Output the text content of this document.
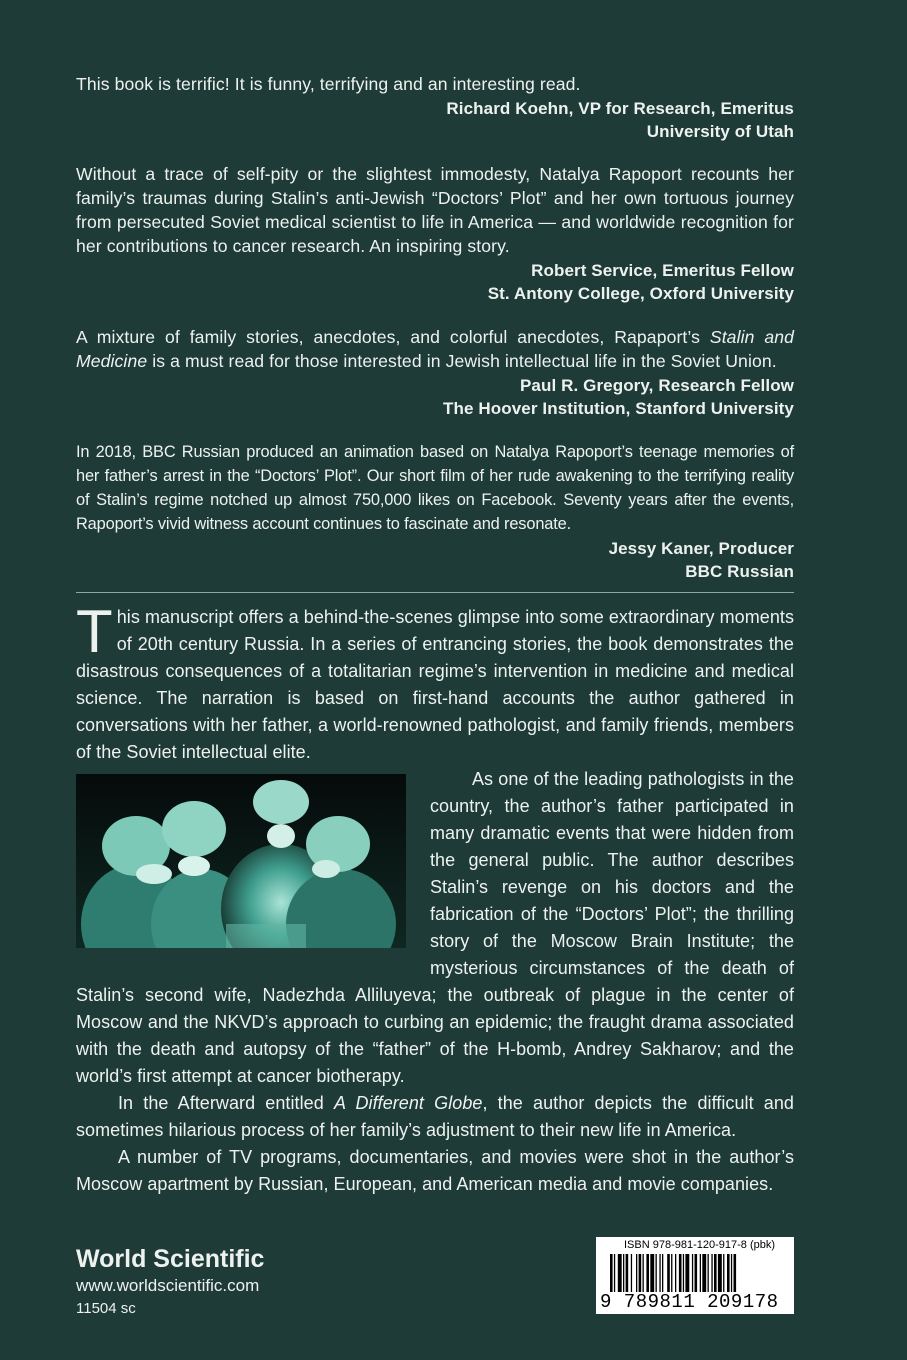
This book is terrific! It is funny, terrifying and an interesting read.

Richard Koehn, VP for Research, Emeritus
University of Utah

Without a trace of self-pity or the slightest immodesty, Natalya Rapoport recounts her family’s traumas during Stalin’s anti-Jewish “Doctors’ Plot” and her own tortuous journey from persecuted Soviet medical scientist to life in America — and worldwide recognition for her contributions to cancer research. An inspiring story.

Robert Service, Emeritus Fellow
St. Antony College, Oxford University

A mixture of family stories, anecdotes, and colorful anecdotes, Rapaport’s Stalin and Medicine is a must read for those interested in Jewish intellectual life in the Soviet Union.

Paul R. Gregory, Research Fellow
The Hoover Institution, Stanford University

In 2018, BBC Russian produced an animation based on Natalya Rapoport’s teenage memories of her father’s arrest in the “Doctors’ Plot”. Our short film of her rude awakening to the terrifying reality of Stalin’s regime notched up almost 750,000 likes on Facebook. Seventy years after the events, Rapoport’s vivid witness account continues to fascinate and resonate.

Jessy Kaner, Producer
BBC Russian

This manuscript offers a behind-the-scenes glimpse into some extraordinary moments of 20th century Russia. In a series of entrancing stories, the book demonstrates the disastrous consequences of a totalitarian regime’s intervention in medicine and medical science. The narration is based on first-hand accounts the author gathered in conversations with her father, a world-renowned pathologist, and family friends, members of the Soviet intellectual elite.

As one of the leading pathologists in the country, the author’s father participated in many dramatic events that were hidden from the general public. The author describes Stalin’s revenge on his doctors and the fabrication of the “Doctors’ Plot”; the thrilling story of the Moscow Brain Institute; the mysterious circumstances of the death of Stalin’s second wife, Nadezhda Alliluyeva; the outbreak of plague in the center of Moscow and the NKVD’s approach to curbing an epidemic; the fraught drama associated with the death and autopsy of the “father” of the H-bomb, Andrey Sakharov; and the world’s first attempt at cancer biotherapy.

In the Afterward entitled A Different Globe, the author depicts the difficult and sometimes hilarious process of her family’s adjustment to their new life in America.

A number of TV programs, documentaries, and movies were shot in the author’s Moscow apartment by Russian, European, and American media and movie companies.

World Scientific
www.worldscientific.com
11504 sc
ISBN 978-981-120-917-8 (pbk)
9 789811 209178
